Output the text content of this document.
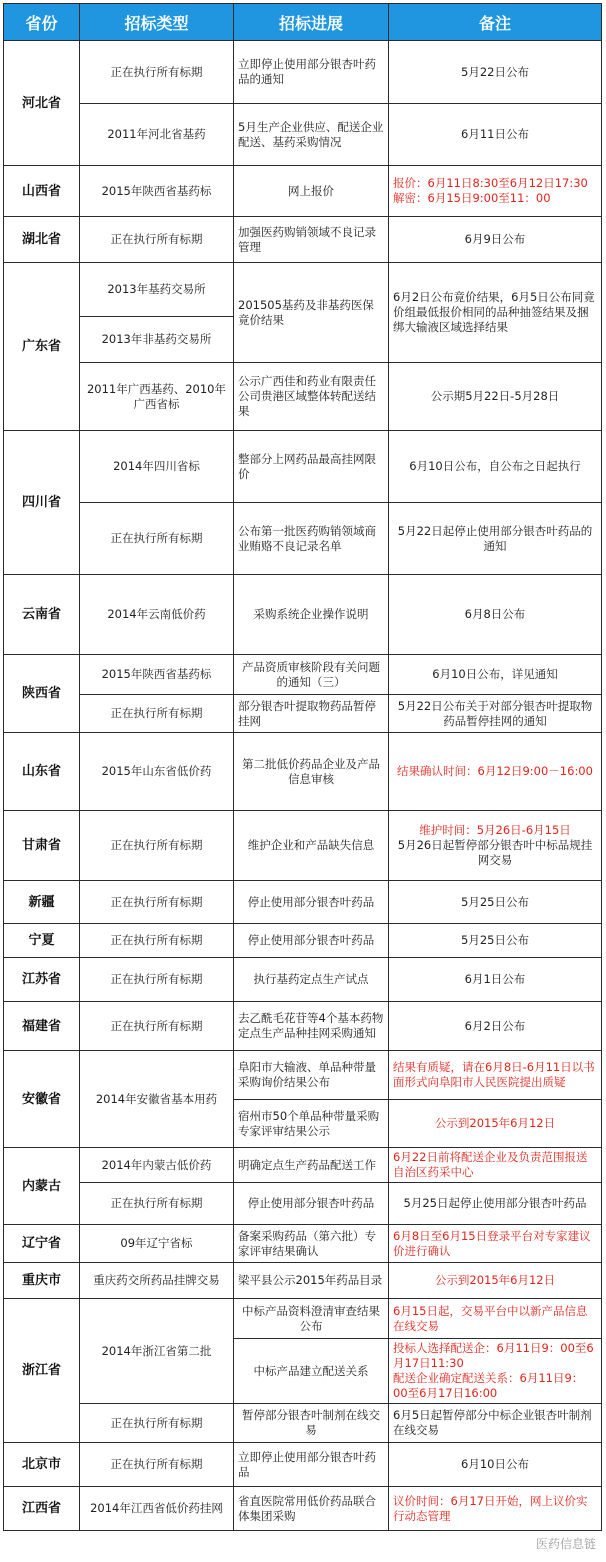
省份	招标类型	招标进展	备注
河北省	正在执行所有标期	立即停止使用部分银杏叶药品的通知	5月22日公布
	2011年河北省基药	5月生产企业供应、配送企业配送、基药采购情况	6月11日公布
山西省	2015年陕西省基药标	网上报价	报价：6月11日8:30至6月12日17:30
解密：6月15日9:00至11：00

湖北省	正在执行所有标期	加强医药购销领域不良记录管理	6月9日公布
广东省	2013年基药交易所	201505基药及非基药医保竟价结果	6月2日公布竟价结果，6月5日公布同竟价组最低报价相同的品种抽签结果及捆绑大输液区域选择结果
	2013年非基药交易所		
	2011年广西基药、2010年广西省标	公示广西佳和药业有限责任公司贵港区域整体转配送结果	公示期5月22日-5月28日
四川省	2014年四川省标	整部分上网药品最高挂网限价	6月10日公布，自公布之日起执行
	正在执行所有标期	公布第一批医药购销领域商业贿赂不良记录名单	5月22日起停止使用部分银杏叶药品的通知
云南省	2014年云南低价药	采购系统企业操作说明	6月8日公布
陕西省	2015年陕西省基药标	产品资质审核阶段有关问题的通知（三）	6月10日公布，详见通知
	正在执行所有标期	部分银杏叶提取物药品暂停挂网	5月22日公布关于对部分银杏叶提取物药品暂停挂网的通知
山东省	2015年山东省低价药	第二批低价药品企业及产品信息审核	结果确认时间：6月12日9:00－16:00
甘肃省	正在执行所有标期	维护企业和产品缺失信息	维护时间：5月26日-6月15日
5月26日起暂停部分银杏叶中标品规挂网交易

新疆	正在执行所有标期	停止使用部分银杏叶药品	5月25日公布
宁夏	正在执行所有标期	停止使用部分银杏叶药品	5月25日公布
江苏省	正在执行所有标期	执行基药定点生产试点	6月1日公布
福建省	正在执行所有标期	去乙酰毛花苷等4个基本药物定点生产品种挂网采购通知	6月2日公布
安徽省	2014年安徽省基本用药	阜阳市大输液、单品种带量采购询价结果公布	结果有质疑，请在6月8日-6月11日以书面形式向阜阳市人民医院提出质疑
		宿州市50个单品种带量采购专家评审结果公示	公示到2015年6月12日
内蒙古	2014年内蒙古低价药	明确定点生产药品配送工作	6月22日前将配送企业及负责范围报送自治区药采中心
	正在执行所有标期	停止使用部分银杏叶药品	5月25日起停止使用部分银杏叶药品
辽宁省	09年辽宁省标	备案采购药品（第六批）专家评审结果确认	6月8日至6月15日登录平台对专家建议价进行确认
重庆市	重庆药交所药品挂牌交易	梁平县公示2015年药品目录	公示到2015年6月12日
浙江省	2014年浙江省第二批	中标产品资料澄清审查结果公布	6月15日起，交易平台中以新产品信息在线交易
		中标产品建立配送关系	投标人选择配送企：6月11日9：00至6月17日11:30
配送企业确定配送关系：6月11日9：00至6月17日16:00

	正在执行所有标期	暂停部分银杏叶制剂在线交易	6月5日起暂停部分中标企业银杏叶制剂在线交易
北京市	正在执行所有标期	立即停止使用部分银杏叶药品	6月10日公布
江西省	2014年江西省低价药挂网	省直医院常用低价药品联合体集团采购	议价时间：6月17日开始，网上议价实行动态管理
医药信息链
